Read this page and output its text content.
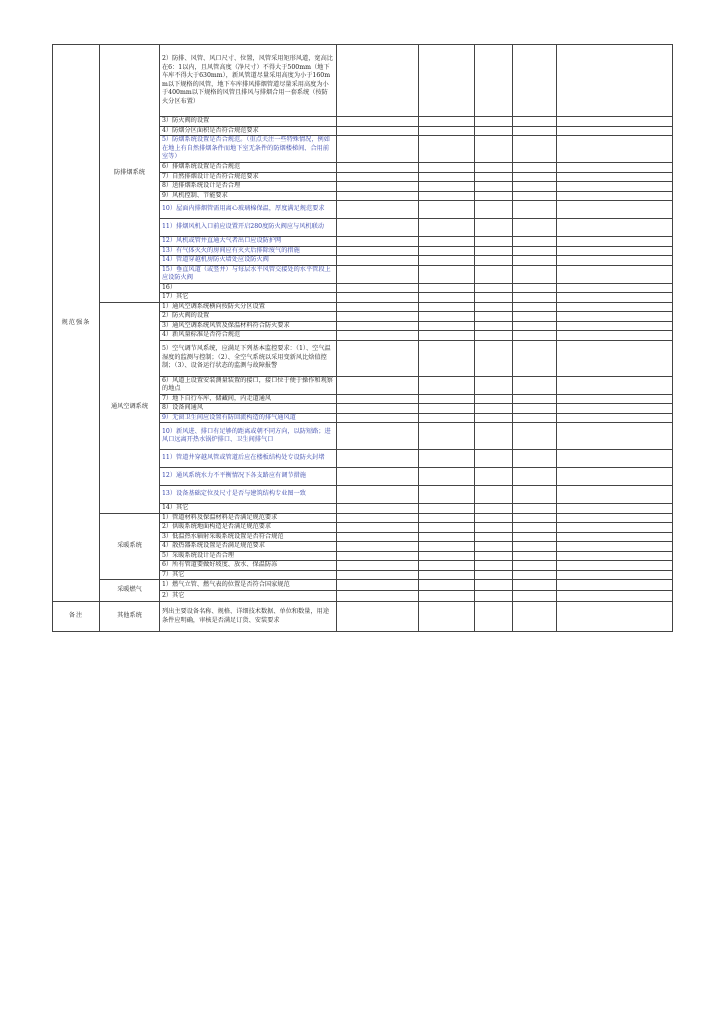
规范强条	防排烟系统	2）防排、风管、风口尺寸、位置，风管采用矩形风道，宽高比在6：1以内，且风管高度（净尺寸）不得大于500mm（地下车库不得大于630mm），新风管道尽量采用高度为小于160mm以下规格的风管，地下车库排风排烟管道尽量采用高度为小于400mm以下规格的风管且排风与排烟合用一套系统（按防火分区布置）					
		3）防火阀的设置					
		4）防烟分区面积是否符合规范要求					
		5）防烟系统设置是否合规范。（重点关注一些特殊情况，例如在地上有自然排烟条件而地下室无条件的防烟楼梯间、合用前室等）					
		6）排烟系统设置是否合规范					
		7）自然排烟设计是否符合规范要求					
		8）送排烟系统设计是否合理					
		9）风机控制、节能要求					
		10）屋面内排烟管需用离心玻璃棉保温，厚度满足规范要求					
		11）排烟风机入口前应设置开启280度防火阀应与风机联动					
		12）风机或管井直通大气者出口应设防护网					
		13）有气体灭火的房间应有灭火后排除废气的措施					
		14）管道穿越机房防火墙处应设防火阀					
		15）垂直风道（或竖井）与每层水平风管交接处的水平管段上应设防火阀					
		16）					
		17）其它					
	通风空调系统	1）通风空调系统横向按防火分区设置					
		2）防火阀的设置					
		3）通风空调系统风管及保温材料符合防火要求					
		4）新风量标准是否符合规范					
		5）空气调节风系统，应满足下列基本监控要求：（1）、空气温湿度的监测与控制；（2）、全空气系统以采用变新风比焓值控制；（3）、设备运行状态的监测与故障报警					
		6）风道上设置安装测量装置的接口，接口位于便于操作和观察的地点					
		7）地下自行车库，储藏间，内走道通风					
		8）设备间通风					
		9）无窗卫生间应设置有防回流构造的排气通风道					
		10）新风进、排口有足够的距离或朝不同方向，以防短路；进风口远离开热水锅炉排口、卫生间排气口					
		11）管道井穿越风管或管道后应在楼板结构处专设防火封堵					
		12）通风系统水力不平衡情况下各支路应有调节措施					
		13）设备基础定位及尺寸是否与建筑结构专业图一致					
		14）其它					
	采暖系统	1）管道材料及保温材料是否满足规范要求					
		2）供暖系统地面构造是否满足规范要求					
		3）低温热水辐射采暖系统设置是否符合规范					
		4）散热器系统设置是否满足规范要求					
		5）采暖系统设计是否合理					
		6）所有管道要做好坡度、放水、保温防冻					
		7）其它					
	采暖燃气	1）燃气立管、燃气表的位置是否符合国家规范					
		2）其它					
备注	其他系统	列出主要设备名称、规格、详细技术数据、单位和数量，用途条件应明确，审核是否满足订货、安装要求					
